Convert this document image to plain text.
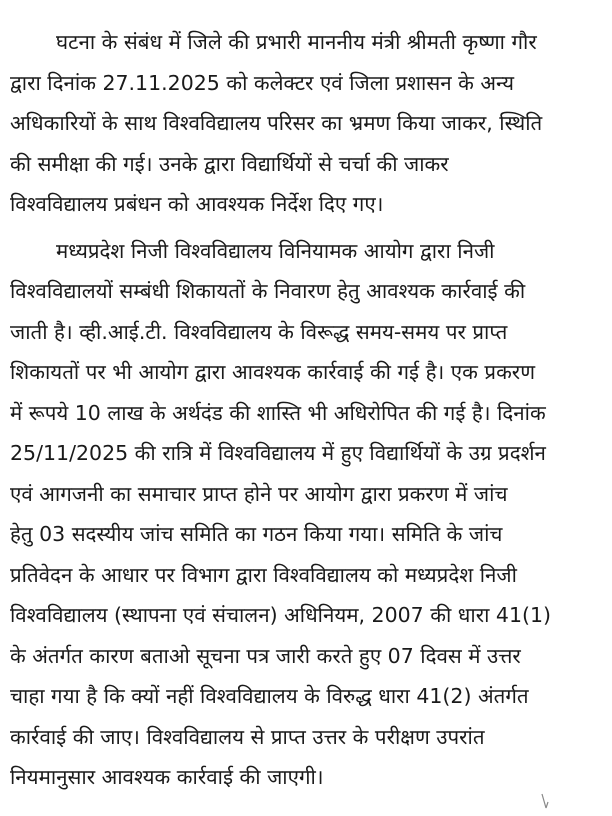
घटना के संबंध में जिले की प्रभारी माननीय मंत्री श्रीमती कृष्णा गौर
द्वारा दिनांक 27.11.2025 को कलेक्टर एवं जिला प्रशासन के अन्य
अधिकारियों के साथ विश्वविद्यालय परिसर का भ्रमण किया जाकर, स्थिति
की समीक्षा की गई। उनके द्वारा विद्यार्थियों से चर्चा की जाकर
विश्वविद्यालय प्रबंधन को आवश्यक निर्देश दिए गए।
मध्यप्रदेश निजी विश्वविद्यालय विनियामक आयोग द्वारा निजी
विश्वविद्यालयों सम्बंधी शिकायतों के निवारण हेतु आवश्यक कार्रवाई की
जाती है। व्ही.आई.टी. विश्वविद्यालय के विरूद्ध समय-समय पर प्राप्त
शिकायतों पर भी आयोग द्वारा आवश्यक कार्रवाई की गई है। एक प्रकरण
में रूपये 10 लाख के अर्थदंड की शास्ति भी अधिरोपित की गई है। दिनांक
25/11/2025 की रात्रि में विश्वविद्यालय में हुए विद्यार्थियों के उग्र प्रदर्शन
एवं आगजनी का समाचार प्राप्त होने पर आयोग द्वारा प्रकरण में जांच
हेतु 03 सदस्यीय जांच समिति का गठन किया गया। समिति के जांच
प्रतिवेदन के आधार पर विभाग द्वारा विश्वविद्यालय को मध्यप्रदेश निजी
विश्वविद्यालय (स्थापना एवं संचालन) अधिनियम, 2007 की धारा 41(1)
के अंतर्गत कारण बताओ सूचना पत्र जारी करते हुए 07 दिवस में उत्तर
चाहा गया है कि क्यों नहीं विश्वविद्यालय के विरुद्ध धारा 41(2) अंतर्गत
कार्रवाई की जाए। विश्वविद्यालय से प्राप्त उत्तर के परीक्षण उपरांत
नियमानुसार आवश्यक कार्रवाई की जाएगी।
